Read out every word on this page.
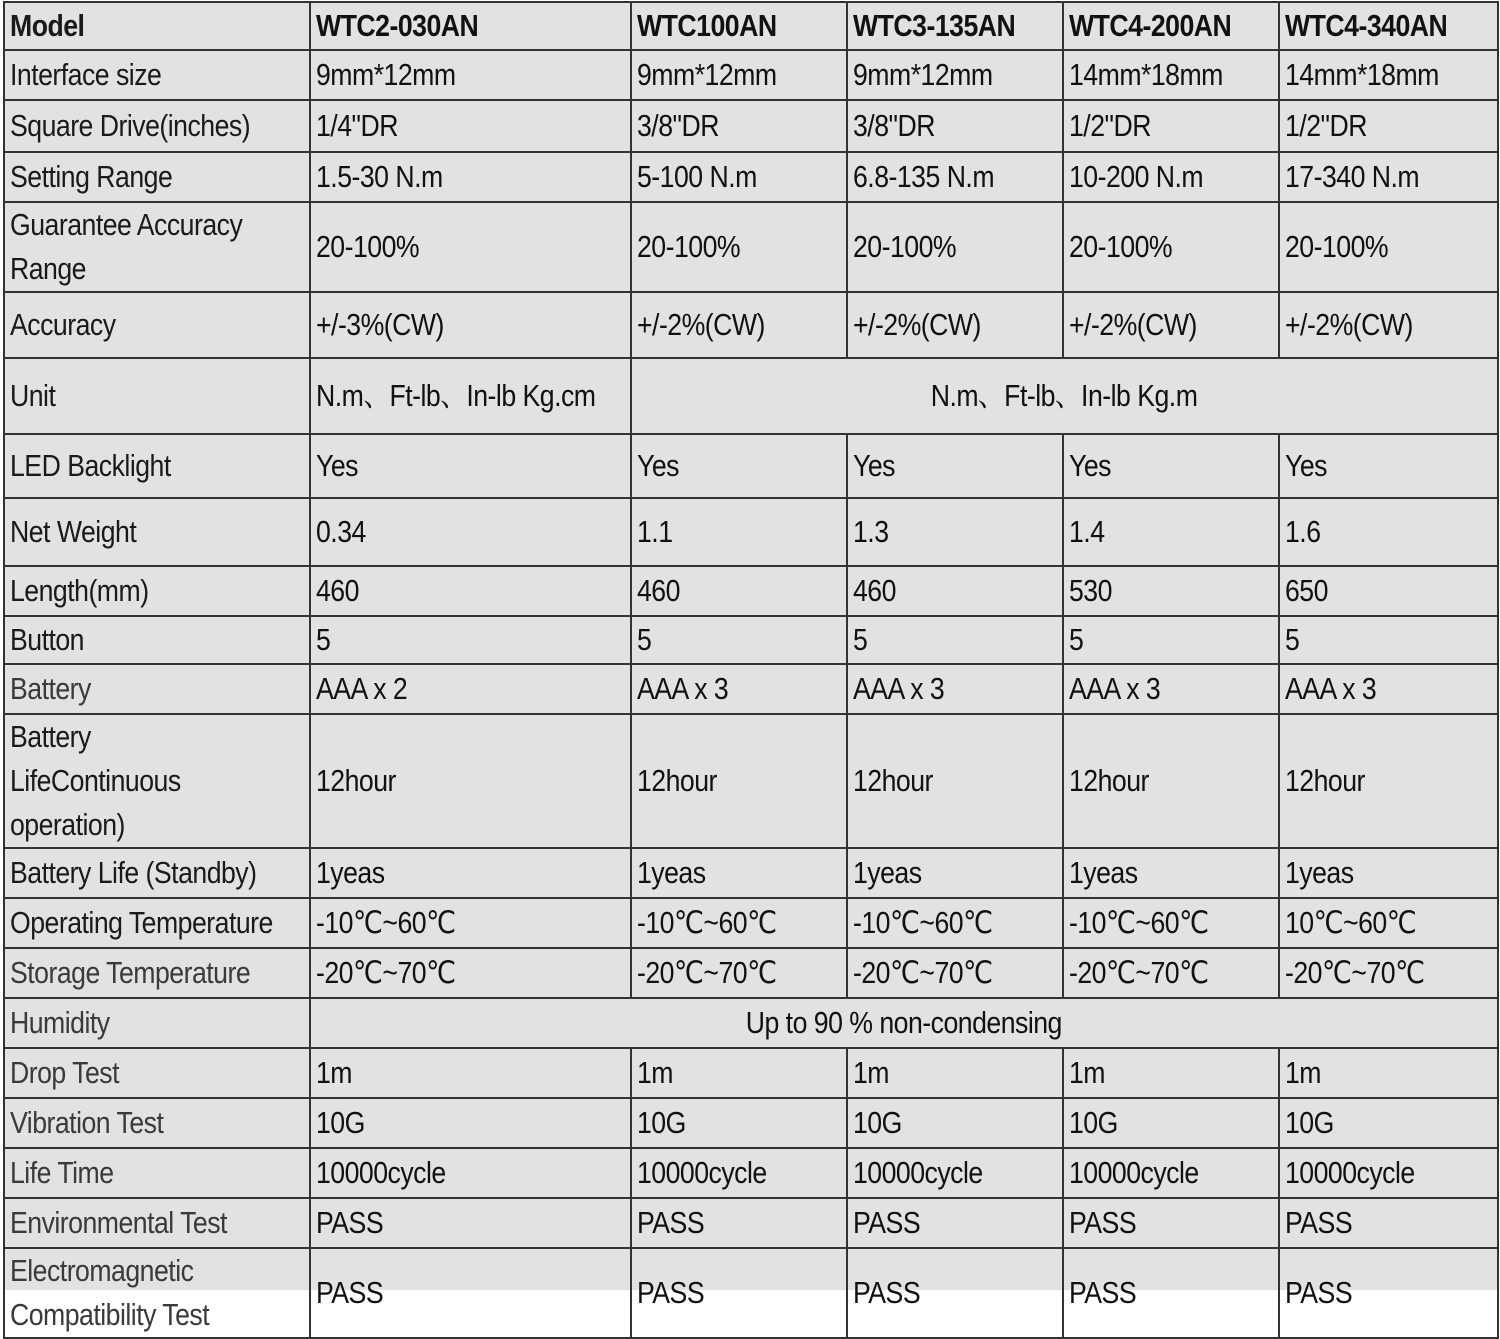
Model	WTC2-030AN	WTC100AN	WTC3-135AN	WTC4-200AN	WTC4-340AN
Interface size	9mm*12mm	9mm*12mm	9mm*12mm	14mm*18mm	14mm*18mm
Square Drive(inches)	1/4"DR	3/8"DR	3/8"DR	1/2"DR	1/2"DR
Setting Range	1.5-30 N.m	5-100 N.m	6.8-135 N.m	10-200 N.m	17-340 N.m
Guarantee Accuracy Range	20-100%	20-100%	20-100%	20-100%	20-100%
Accuracy	+/-3%(CW)	+/-2%(CW)	+/-2%(CW)	+/-2%(CW)	+/-2%(CW)
Unit	N.m、Ft-lb、In-lb Kg.cm	N.m、Ft-lb、In-lb Kg.m			
LED Backlight	Yes	Yes	Yes	Yes	Yes
Net Weight	0.34	1.1	1.3	1.4	1.6
Length(mm)	460	460	460	530	650
Button	5	5	5	5	5
Battery	AAA x 2	AAA x 3	AAA x 3	AAA x 3	AAA x 3
Battery LifeContinuous operation)	12hour	12hour	12hour	12hour	12hour
Battery Life (Standby)	1yeas	1yeas	1yeas	1yeas	1yeas
Operating Temperature	-10℃~60℃	-10℃~60℃	-10℃~60℃	-10℃~60℃	10℃~60℃
Storage Temperature	-20℃~70℃	-20℃~70℃	-20℃~70℃	-20℃~70℃	-20℃~70℃
Humidity	Up to 90 % non-condensing				
Drop Test	1m	1m	1m	1m	1m
Vibration Test	10G	10G	10G	10G	10G
Life Time	10000cycle	10000cycle	10000cycle	10000cycle	10000cycle
Environmental Test	PASS	PASS	PASS	PASS	PASS
Electromagnetic Compatibility Test	PASS	PASS	PASS	PASS	PASS
